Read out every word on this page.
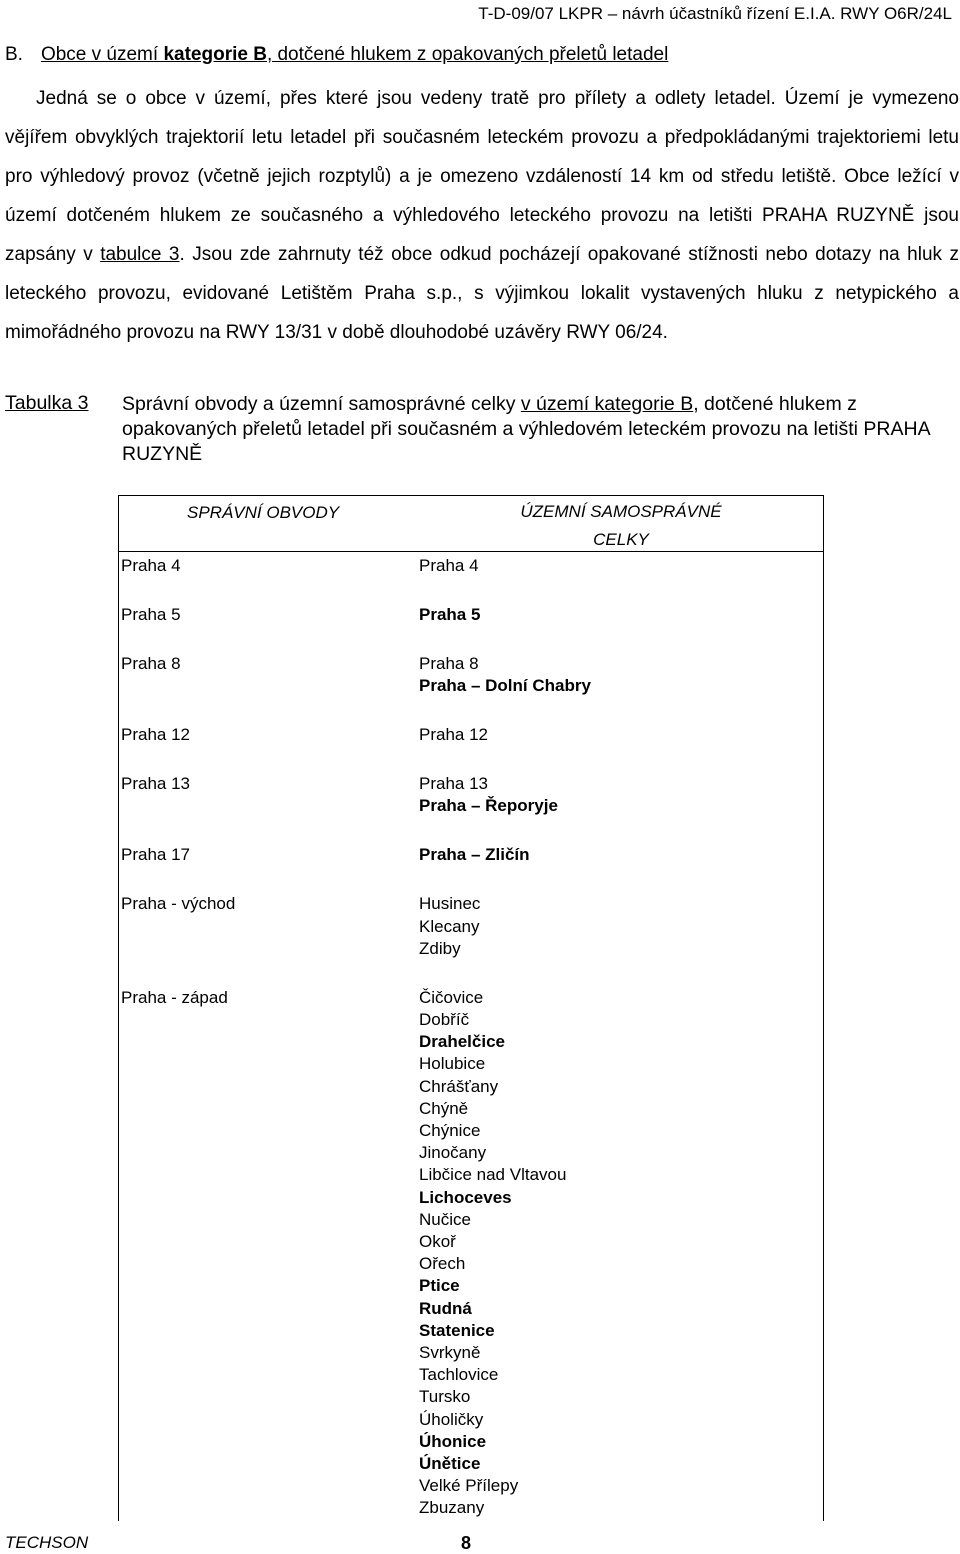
T-D-09/07 LKPR – návrh účastníků řízení E.I.A. RWY O6R/24L
B. Obce v území kategorie B, dotčené hlukem z opakovaných přeletů letadel

Jedná se o obce v území, přes které jsou vedeny tratě pro přílety a odlety letadel. Území je vymezeno vějířem obvyklých trajektorií letu letadel při současném leteckém provozu a předpokládanými trajektoriemi letu pro výhledový provoz (včetně jejich rozptylů) a je omezeno vzdáleností 14 km od středu letiště. Obce ležící v území dotčeném hlukem ze současného a výhledového leteckého provozu na letišti PRAHA RUZYNĚ jsou zapsány v tabulce 3. Jsou zde zahrnuty též obce odkud pocházejí opakované stížnosti nebo dotazy na hluk z leteckého provozu, evidované Letištěm Praha s.p., s výjimkou lokalit vystavených hluku z netypického a mimořádného provozu na RWY 13/31 v době dlouhodobé uzávěry RWY 06/24.

Tabulka 3 Správní obvody a územní samosprávné celky v území kategorie B, dotčené hlukem z opakovaných přeletů letadel při současném a výhledovém leteckém provozu na letišti PRAHA RUZYNĚ
SPRÁVNÍ OBVODY	ÚZEMNÍ SAMOSPRÁVNÉ
CELKY
Praha 4	Praha 4
Praha 5	Praha 5
Praha 8	Praha 8
Praha – Dolní Chabry
Praha 12	Praha 12
Praha 13	Praha 13
Praha – Řeporyje
Praha 17	Praha – Zličín
Praha - východ	Husinec
Klecany
Zdiby
Praha - západ	Čičovice
Dobříč
Drahelčice
Holubice
Chrášťany
Chýně
Chýnice
Jinočany
Libčice nad Vltavou
Lichoceves
Nučice
Okoř
Ořech
Ptice
Rudná
Statenice
Svrkyně
Tachlovice
Tursko
Úholičky
Úhonice
Únětice
Velké Přílepy
Zbuzany
TECHSON	8
